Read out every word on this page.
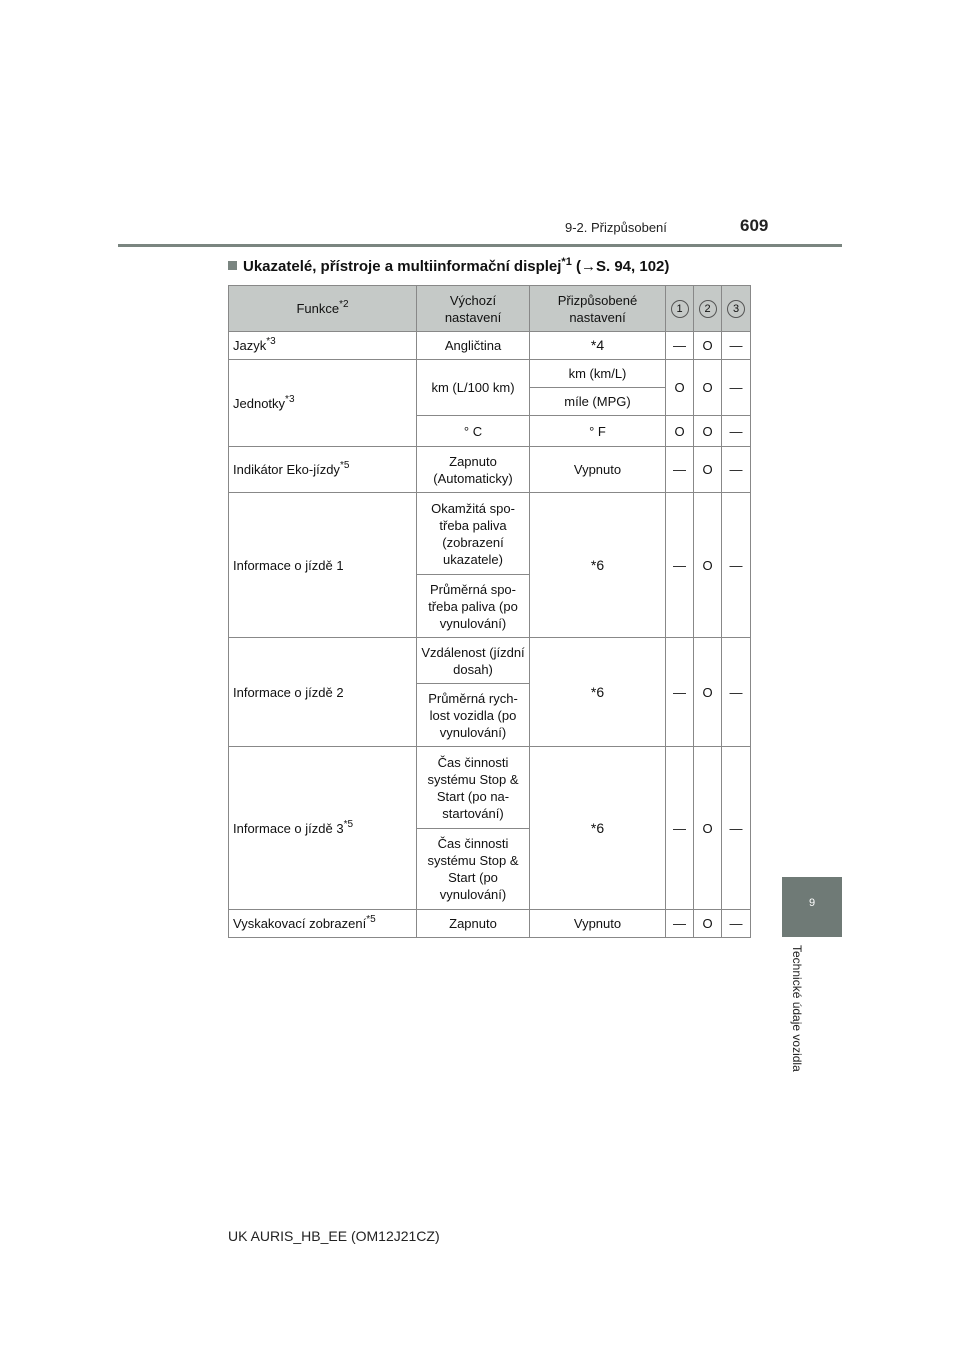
9-2. Přizpůsobení	609
9
Technické údaje vozidla
Ukazatelé, přístroje a multiinformační displej$^{*1}$ (→S. 94, 102)
Funkce$^{*2}$	Výchozí nastavení	Přizpůsobené nastavení	1	2	3
Jazyk$^{*3}$	Angličtina	*4	—	O	—
Jednotky$^{*3}$	km (L/100 km)	km (km/L)	O	O	—
		míle (MPG)			
	° C	° F	O	O	—
Indikátor Eko-jízdy$^{*5}$	Zapnuto (Automaticky)	Vypnuto	—	O	—
Informace o jízdě 1	Okamžitá spo-třeba paliva (zobrazení ukazatele)	*6	—	O	—
	Průměrná spo-třeba paliva (po vynulování)				
Informace o jízdě 2	Vzdálenost (jízdní dosah)	*6	—	O	—
	Průměrná rych-lost vozidla (po vynulování)				
Informace o jízdě 3$^{*5}$	Čas činnosti systému Stop & Start (po na-startování)	*6	—	O	—
	Čas činnosti systému Stop & Start (po vynulování)				
Vyskakovací zobrazení$^{*5}$	Zapnuto	Vypnuto	—	O	—
UK AURIS_HB_EE (OM12J21CZ)
